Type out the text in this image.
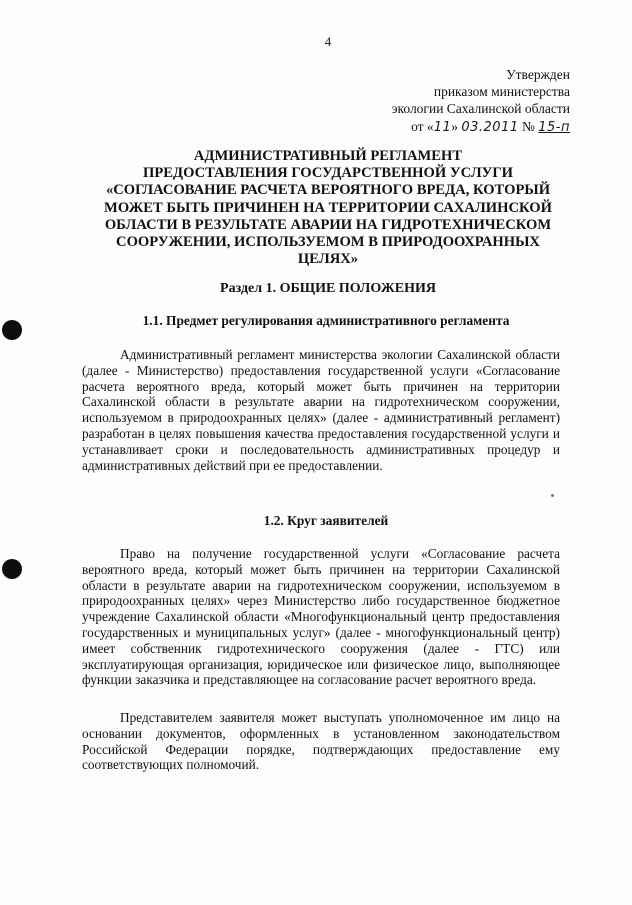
4
Утвержден
приказом министерства
экологии Сахалинской области
от «11» 03.2011 № 15-п
АДМИНИСТРАТИВНЫЙ РЕГЛАМЕНТ
ПРЕДОСТАВЛЕНИЯ ГОСУДАРСТВЕННОЙ УСЛУГИ
«СОГЛАСОВАНИЕ РАСЧЕТА ВЕРОЯТНОГО ВРЕДА, КОТОРЫЙ
МОЖЕТ БЫТЬ ПРИЧИНЕН НА ТЕРРИТОРИИ САХАЛИНСКОЙ
ОБЛАСТИ В РЕЗУЛЬТАТЕ АВАРИИ НА ГИДРОТЕХНИЧЕСКОМ
СООРУЖЕНИИ, ИСПОЛЬЗУЕМОМ В ПРИРОДООХРАННЫХ
ЦЕЛЯХ»
Раздел 1. ОБЩИЕ ПОЛОЖЕНИЯ
1.1. Предмет регулирования административного регламента
Административный регламент министерства экологии Сахалинской области (далее - Министерство) предоставления государственной услуги «Согласование расчета вероятного вреда, который может быть причинен на территории Сахалинской области в результате аварии на гидротехническом сооружении, используемом в природоохранных целях» (далее - административный регламент) разработан в целях повышения качества предоставления государственной услуги и устанавливает сроки и последовательность административных процедур и административных действий при ее предоставлении.
1.2. Круг заявителей
Право на получение государственной услуги «Согласование расчета вероятного вреда, который может быть причинен на территории Сахалинской области в результате аварии на гидротехническом сооружении, используемом в природоохранных целях» через Министерство либо государственное бюджетное учреждение Сахалинской области «Многофункциональный центр предоставления государственных и муниципальных услуг» (далее - многофункциональный центр) имеет собственник гидротехнического сооружения (далее - ГТС) или эксплуатирующая организация, юридическое или физическое лицо, выполняющее функции заказчика и представляющее на согласование расчет вероятного вреда.
Представителем заявителя может выступать уполномоченное им лицо на основании документов, оформленных в установленном законодательством Российской Федерации порядке, подтверждающих предоставление ему соответствующих полномочий.
